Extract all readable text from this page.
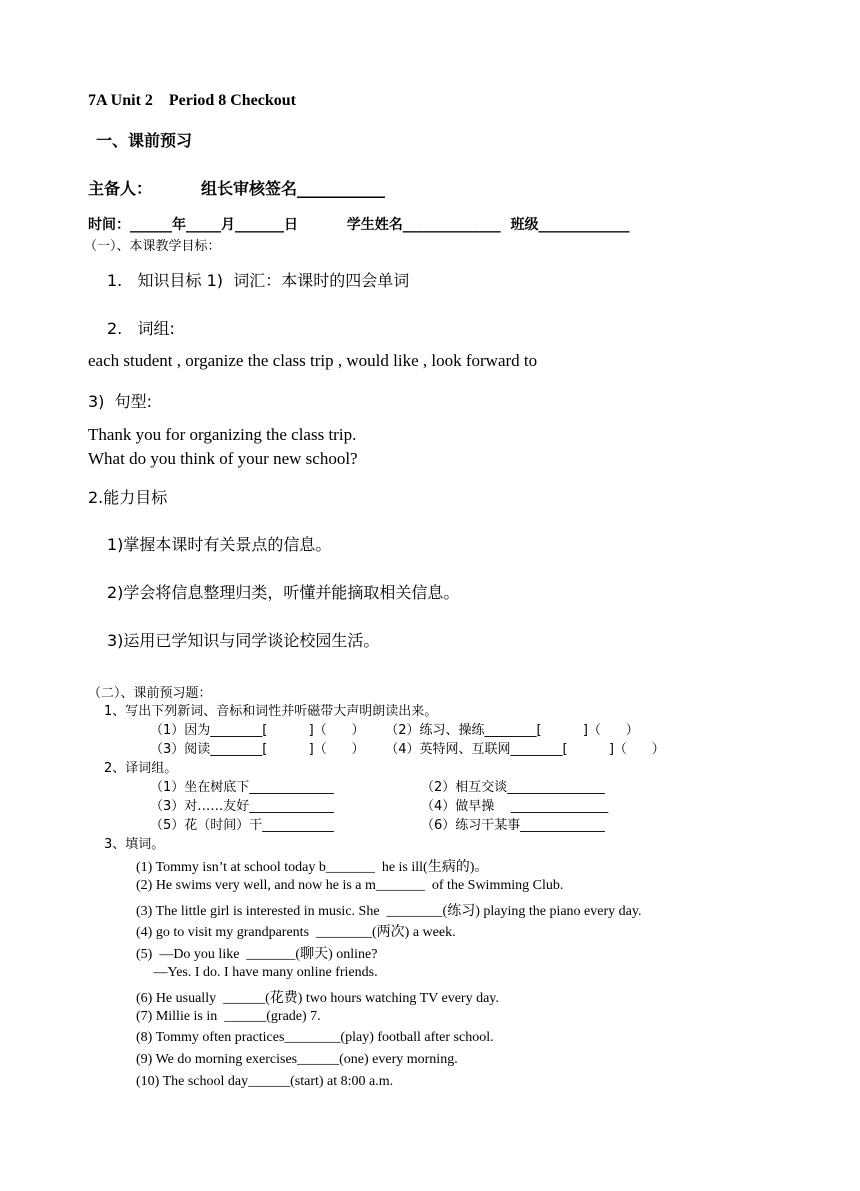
7A Unit 2    Period 8 Checkout
一、课前预习
主备人：	组长审核签名___________
时间：______年_____月_______日          学生姓名______________  班级_____________
（一）、本课教学目标：
1.   知识目标 1)  词汇：本课时的四会单词
2.   词组:
each student , organize the class trip , would like , look forward to
3)  句型:
Thank you for organizing the class trip.
What do you think of your new school?
2.能力目标
1)掌握本课时有关景点的信息。
2)学会将信息整理归类，听懂并能摘取相关信息。
3)运用已学知识与同学谈论校园生活。
（二）、课前预习题：
1、写出下列新词、音标和词性并听磁带大声明朗读出来。
（1）因为________[          ]（      ）     （2）练习、操练________[          ]（      ）
（3）阅读________[          ]（      ）     （4）英特网、互联网________[          ]（      ）
2、译词组。
（1）坐在树底下_____________	（2）相互交谈_______________
（3）对……友好_____________	（4）做早操    _______________
（5）花（时间）干___________	（6）练习干某事_____________
3、填词。
(1) Tommy isn’t at school today b_______  he is ill(生病的)。
(2) He swims very well, and now he is a m_______  of the Swimming Club.
(3) The little girl is interested in music. She  ________(练习) playing the piano every day.
(4) go to visit my grandparents  ________(两次) a week.
(5)  —Do you like  _______(聊天) online?
—Yes. I do. I have many online friends.
(6) He usually  ______(花费) two hours watching TV every day.
(7) Millie is in  ______(grade) 7.
(8) Tommy often practices________(play) football after school.
(9) We do morning exercises______(one) every morning.
(10) The school day______(start) at 8:00 a.m.
